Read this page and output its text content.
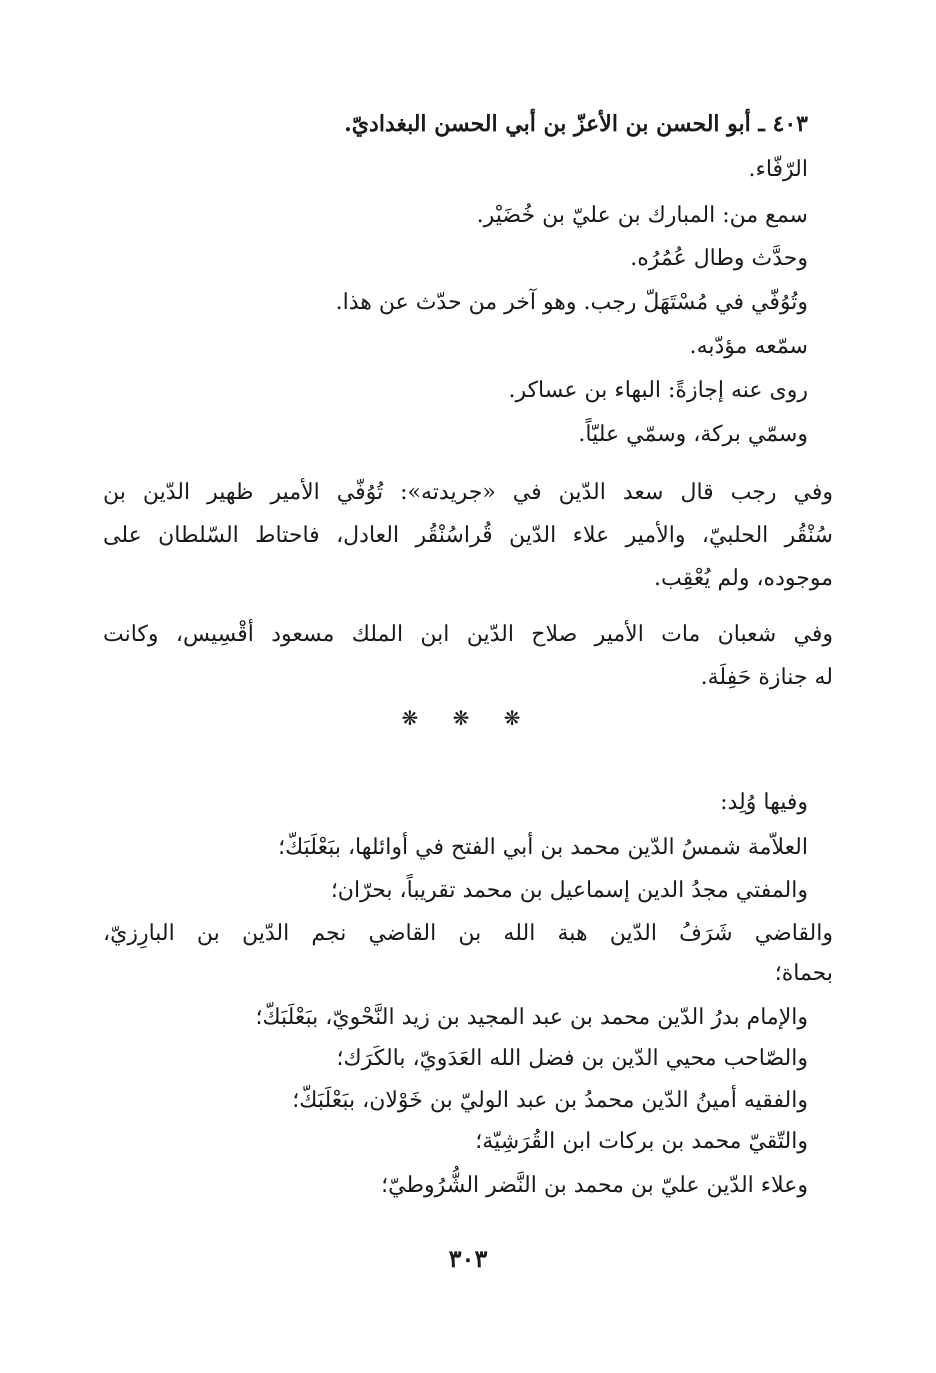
٤٠٣ ـ أبو الحسن بن الأعزّ بن أبي الحسن البغداديّ.
الرّفّاء.
سمع من: المبارك بن عليّ بن خُضَيْر.
وحدَّث وطال عُمُرُه.
وتُوُفّي في مُسْتَهَلّ رجب. وهو آخر من حدّث عن هذا.
سمّعه مؤدّبه.
روى عنه إجازةً: البهاء بن عساكر.
وسمّي بركة، وسمّي عليّاً.
وفي رجب قال سعد الدّين في «جريدته»: تُوُفّي الأمير ظهير الدّين بن
سُنْقُر الحلبيّ، والأمير علاء الدّين قُراسُنْقُر العادل، فاحتاط السّلطان على
موجوده، ولم يُعْقِب.
وفي شعبان مات الأمير صلاح الدّين ابن الملك مسعود أقْسِيس، وكانت
له جنازة حَفِلَة.
❋ ❋ ❋
وفيها وُلِد:
العلاّمة شمسُ الدّين محمد بن أبي الفتح في أوائلها، ببَعْلَبَكّ؛
والمفتي مجدُ الدين إسماعيل بن محمد تقريباً، بحرّان؛
والقاضي شَرَفُ الدّين هبة الله بن القاضي نجم الدّين بن البارِزيّ،
بحماة؛
والإمام بدرُ الدّين محمد بن عبد المجيد بن زيد النَّحْويّ، ببَعْلَبَكّ؛
والصّاحب محيي الدّين بن فضل الله العَدَويّ، بالكَرَك؛
والفقيه أمينُ الدّين محمدُ بن عبد الوليّ بن خَوْلان، ببَعْلَبَكّ؛
والتّقيّ محمد بن بركات ابن القُرَشِيّة؛
وعلاء الدّين عليّ بن محمد بن النَّضر الشُّرُوطيّ؛
٣٠٣
